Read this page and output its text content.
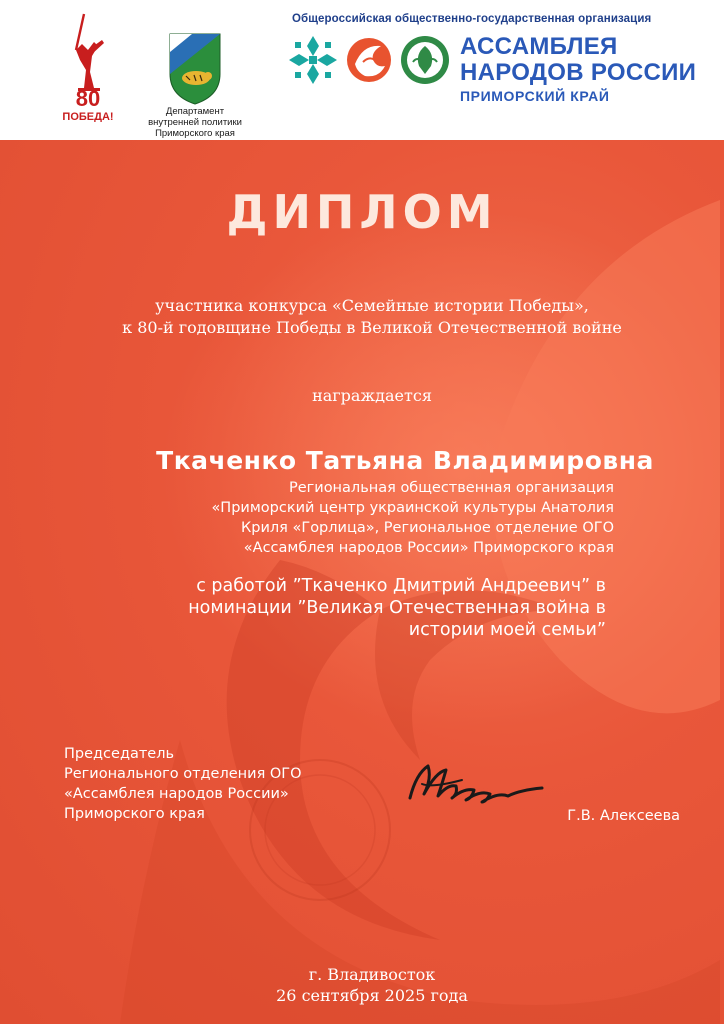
80
ПОБЕДА!	Департамент
внутренней политики
Приморского края
Общероссийская общественно-государственная организация
АССАМБЛЕЯ
НАРОДОВ РОССИИ
ПРИМОРСКИЙ КРАЙ
ДИПЛОМ
участника конкурса «Семейные истории Победы»,
к 80-й годовщине Победы в Великой Отечественной войне
награждается
Ткаченко Татьяна Владимировна
Региональная общественная организация
«Приморский центр украинской культуры Анатолия
Криля «Горлица», Региональное отделение ОГО
«Ассамблея народов России» Приморского края
с работой ”Ткаченко Дмитрий Андреевич” в
номинации ”Великая Отечественная война в
истории моей семьи”
Председатель
Регионального отделения ОГО
«Ассамблея народов России»
Приморского края	Г.В. Алексеева
г. Владивосток
26 сентября 2025 года
